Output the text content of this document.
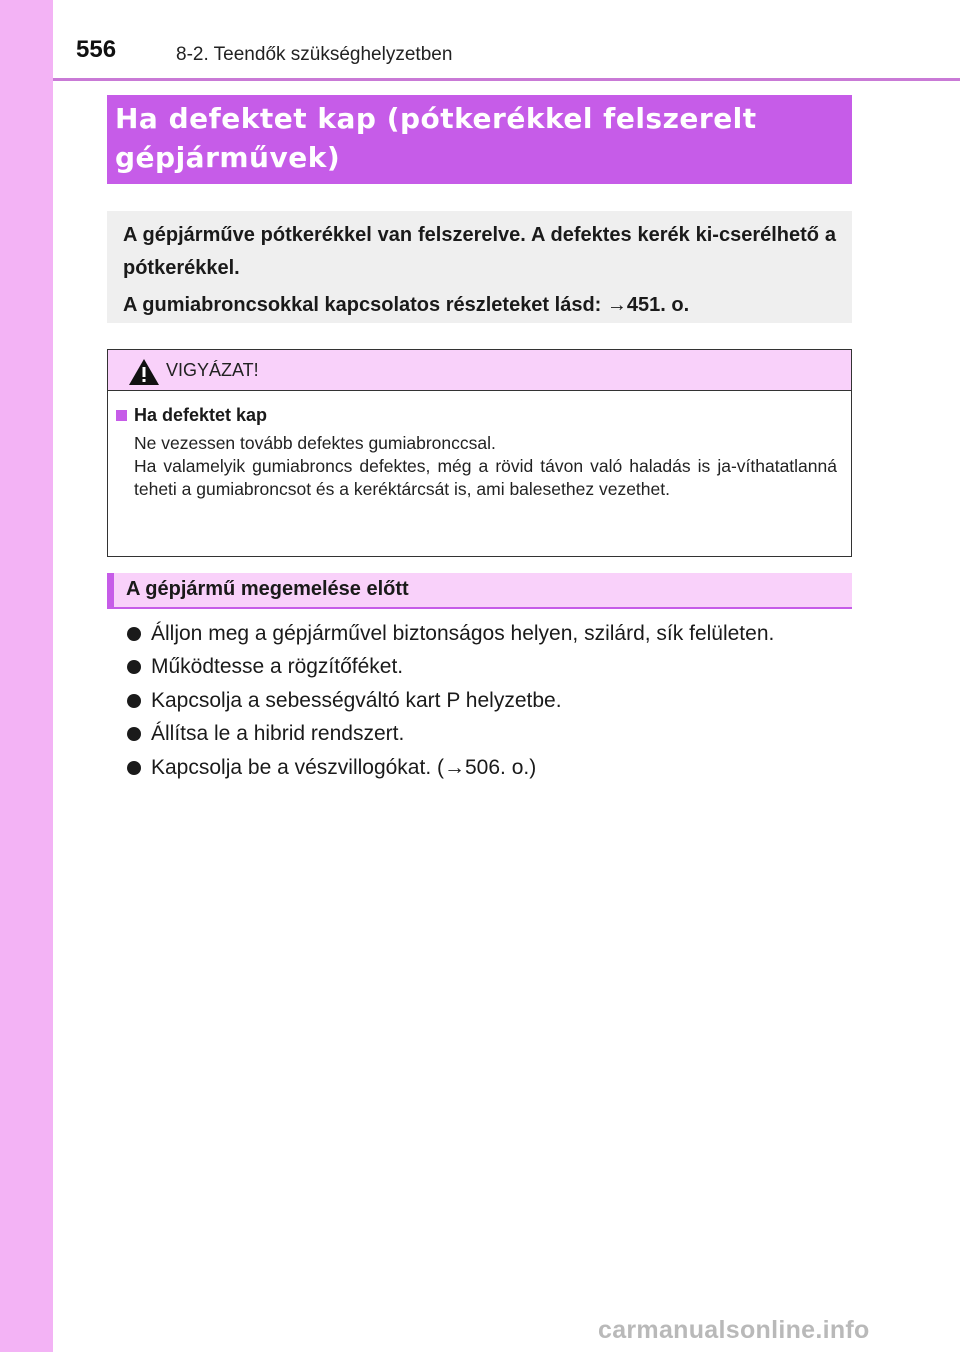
556	8-2. Teendők szükséghelyzetben
Ha defektet kap (pótkerékkel felszerelt
gépjárművek)

A gépjárműve pótkerékkel van felszerelve. A defektes kerék ki-cserélhető a pótkerékkel.

A gumiabroncsokkal kapcsolatos részleteket lásd: →451. o.

VIGYÁZAT!
Ha defektet kap
Ne vezessen tovább defektes gumiabronccsal.
Ha valamelyik gumiabroncs defektes, még a rövid távon való haladás is ja-víthatatlanná teheti a gumiabroncsot és a keréktárcsát is, ami balesethez vezethet.
A gépjármű megemelése előtt
Álljon meg a gépjárművel biztonságos helyen, szilárd, sík felületen.
Működtesse a rögzítőféket.
Kapcsolja a sebességváltó kart P helyzetbe.
Állítsa le a hibrid rendszert.
Kapcsolja be a vészvillogókat. (→506. o.)
carmanualsonline.info
